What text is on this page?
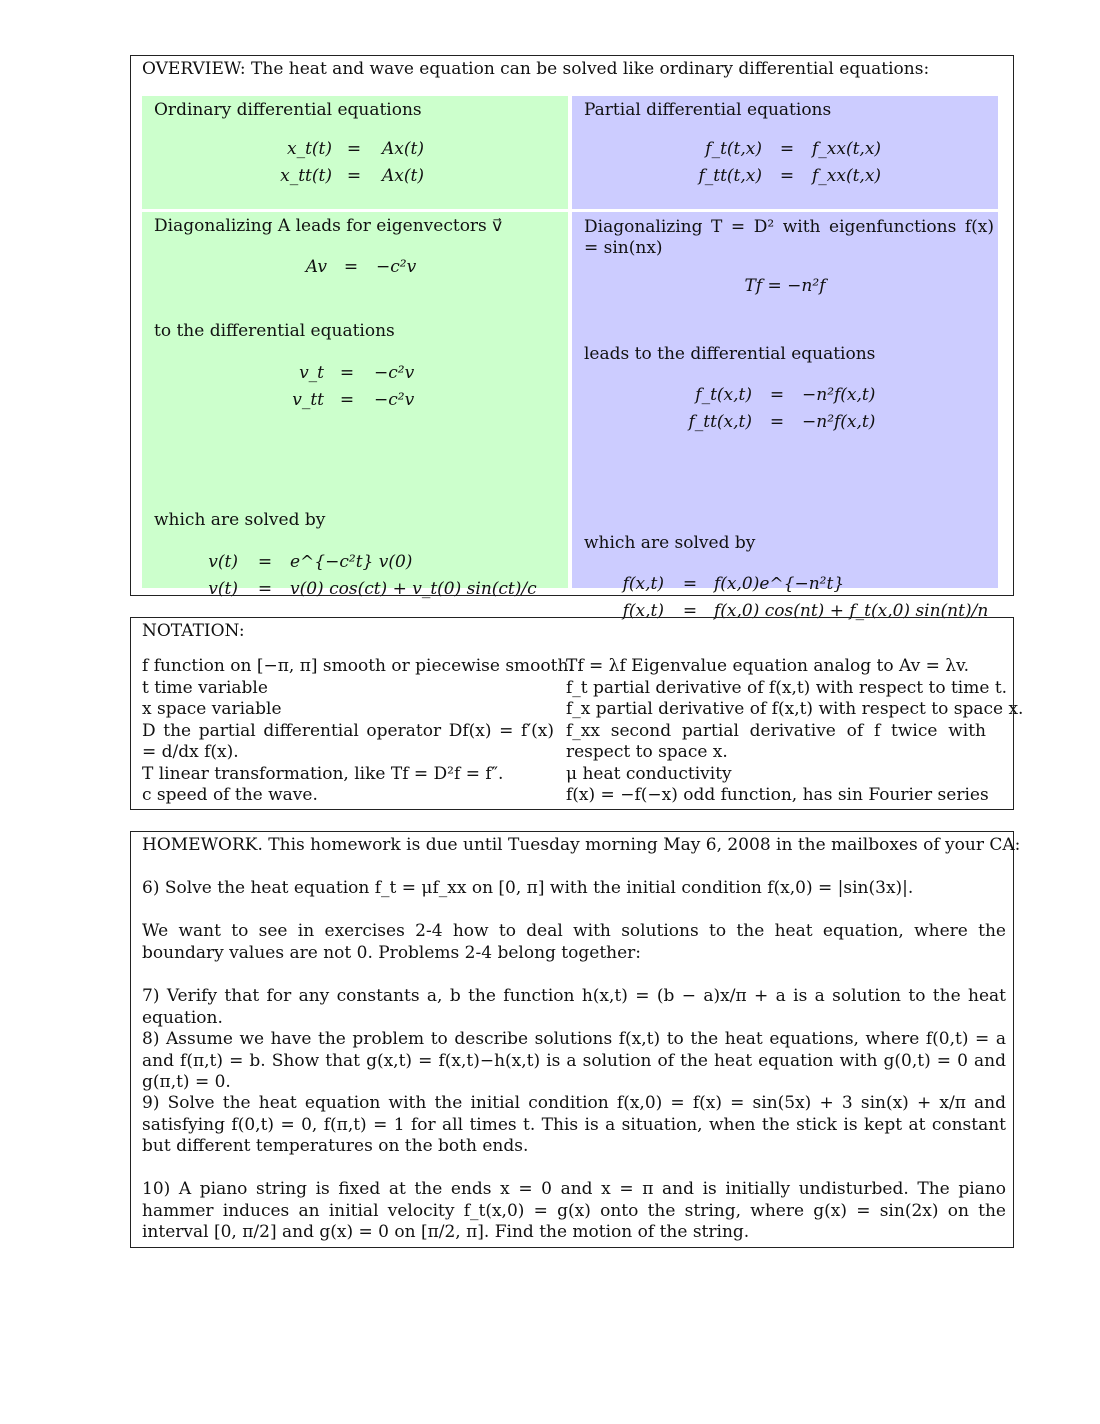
OVERVIEW: The heat and wave equation can be solved like ordinary differential equations:
Ordinary differential equations
x_t(t) =	Ax(t)
x_tt(t) =	Ax(t)
Partial differential equations
f_t(t,x)	=	f_xx(t,x)
f_tt(t,x)	=	f_xx(t,x)
Diagonalizing A leads for eigenvectors v⃗
Av =	−c²v
to the differential equations
v_t =	−c²v
v_tt =	−c²v
which are solved by
v(t)	=	e^{−c²t} v(0)
v(t)	=	v(0) cos(ct) + v_t(0) sin(ct)/c
Diagonalizing T = D² with eigenfunctions f(x) = sin(nx)
Tf = −n²f
leads to the differential equations
f_t(x,t)	=	−n²f(x,t)
f_tt(x,t)	=	−n²f(x,t)
which are solved by
f(x,t)	= f(x,0)e^{−n²t}
f(x,t)	= f(x,0) cos(nt) + f_t(x,0) sin(nt)/n
NOTATION:
f function on [−π, π] smooth or piecewise smooth.
t time variable
x space variable
D the partial differential operator Df(x) = f′(x) = d/dx f(x).
T linear transformation, like Tf = D²f = f″.
c speed of the wave.
Tf = λf Eigenvalue equation analog to Av = λv.
f_t partial derivative of f(x,t) with respect to time t.
f_x partial derivative of f(x,t) with respect to space x.
f_xx second partial derivative of f twice with respect to space x.
μ heat conductivity
f(x) = −f(−x) odd function, has sin Fourier series
HOMEWORK. This homework is due until Tuesday morning May 6, 2008 in the mailboxes of your CA:
6) Solve the heat equation f_t = μf_xx on [0, π] with the initial condition f(x,0) = |sin(3x)|.
We want to see in exercises 2-4 how to deal with solutions to the heat equation, where the boundary values are not 0. Problems 2-4 belong together:
7) Verify that for any constants a, b the function h(x,t) = (b − a)x/π + a is a solution to the heat equation.
8) Assume we have the problem to describe solutions f(x,t) to the heat equations, where f(0,t) = a and f(π,t) = b. Show that g(x,t) = f(x,t)−h(x,t) is a solution of the heat equation with g(0,t) = 0 and g(π,t) = 0.
9) Solve the heat equation with the initial condition f(x,0) = f(x) = sin(5x) + 3 sin(x) + x/π and satisfying f(0,t) = 0, f(π,t) = 1 for all times t. This is a situation, when the stick is kept at constant but different temperatures on the both ends.
10) A piano string is fixed at the ends x = 0 and x = π and is initially undisturbed. The piano hammer induces an initial velocity f_t(x,0) = g(x) onto the string, where g(x) = sin(2x) on the interval [0, π/2] and g(x) = 0 on [π/2, π]. Find the motion of the string.
